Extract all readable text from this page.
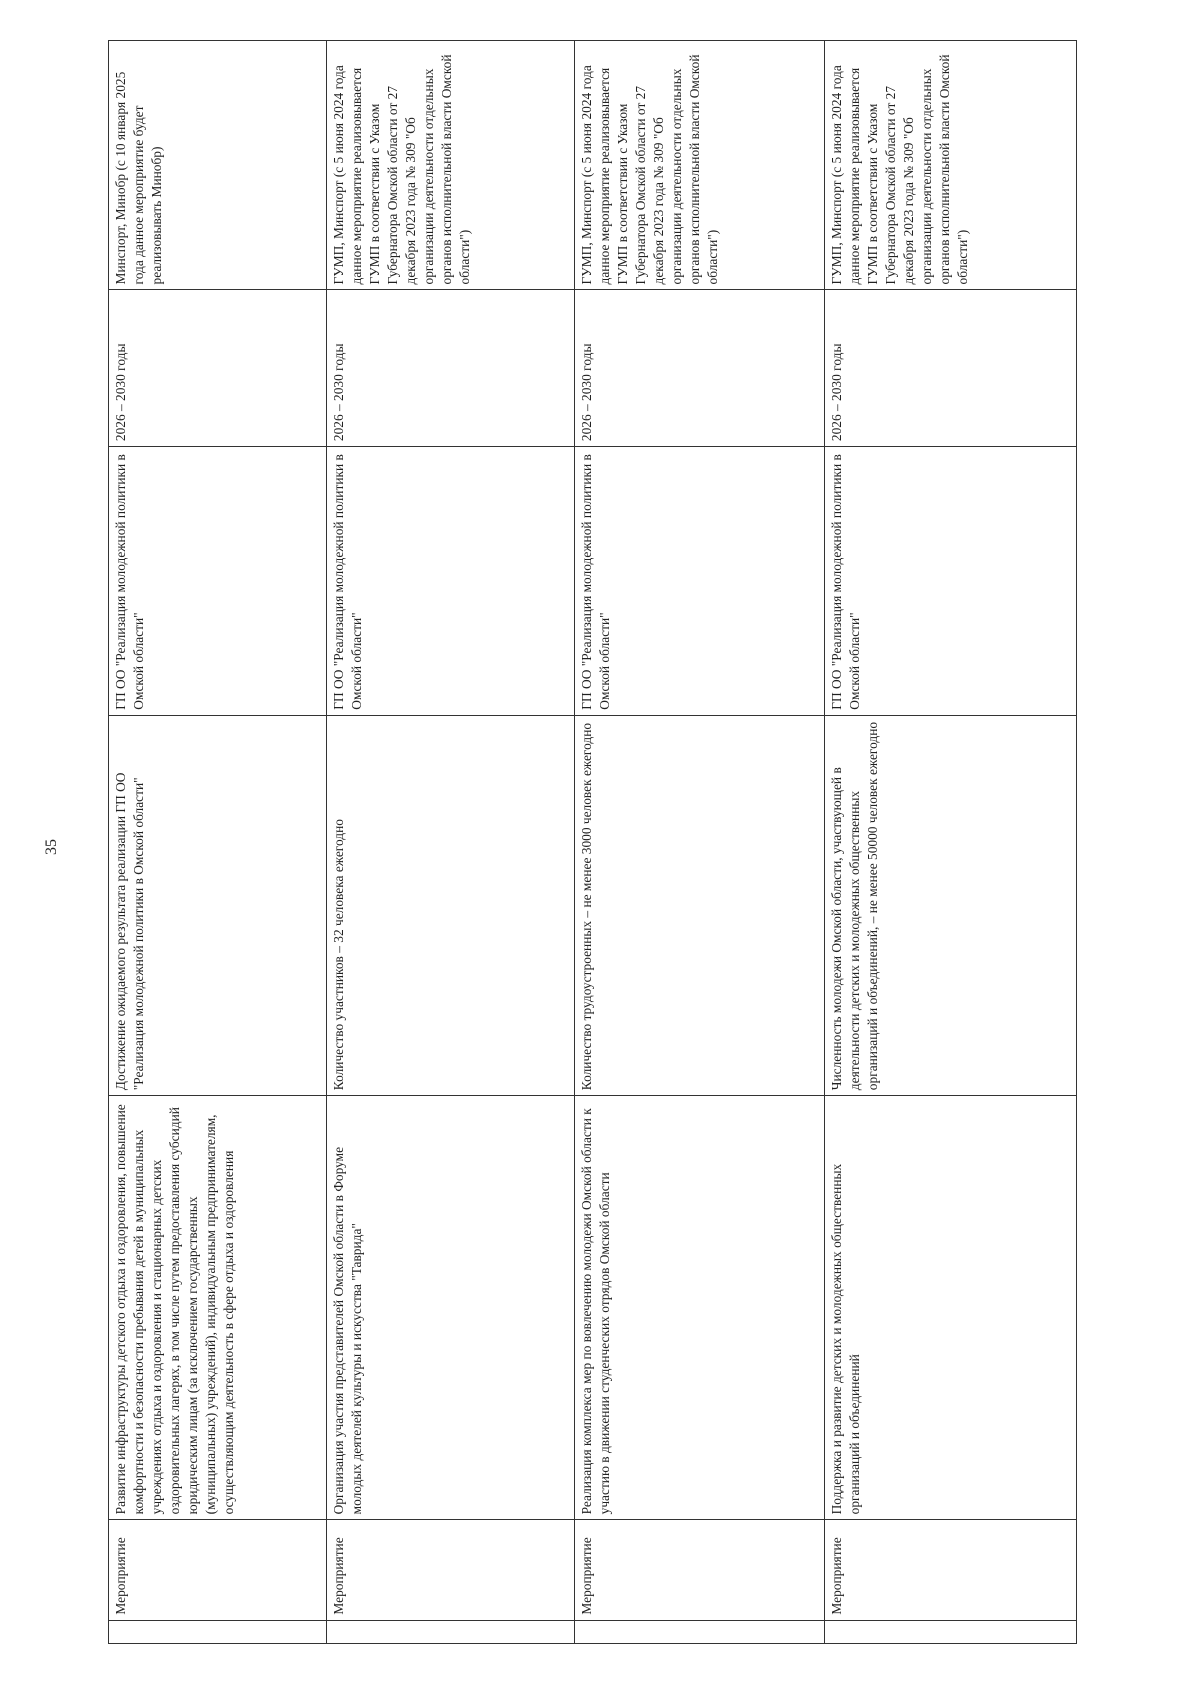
35
	Мероприятие	Развитие инфраструктуры детского отдыха и оздоровления, повышение комфортности и безопасности пребывания детей в муниципальных учреждениях отдыха и оздоровления и стационарных детских оздоровительных лагерях, в том числе путем предоставления субсидий юридическим лицам (за исключением государственных (муниципальных) учреждений), индивидуальным предпринимателям, осуществляющим деятельность в сфере отдыха и оздоровления	Достижение ожидаемого результата реализации ГП ОО "Реализация молодежной политики в Омской области"	ГП ОО "Реализация молодежной политики в Омской области"	2026 – 2030 годы	Минспорт, Минобр (с 10 января 2025 года данное мероприятие будет реализовывать Минобр)
	Мероприятие	Организация участия представителей Омской области в Форуме молодых деятелей культуры и искусства "Таврида"	Количество участников – 32 человека ежегодно	ГП ОО "Реализация молодежной политики в Омской области"	2026 – 2030 годы	ГУМП, Минспорт (с 5 июня 2024 года данное мероприятие реализовывается ГУМП в соответствии с Указом Губернатора Омской области от 27 декабря 2023 года № 309 "Об организации деятельности отдельных органов исполнительной власти Омской области")
	Мероприятие	Реализация комплекса мер по вовлечению молодежи Омской области к участию в движении студенческих отрядов Омской области	Количество трудоустроенных – не менее 3000 человек ежегодно	ГП ОО "Реализация молодежной политики в Омской области"	2026 – 2030 годы	ГУМП, Минспорт (с 5 июня 2024 года данное мероприятие реализовывается ГУМП в соответствии с Указом Губернатора Омской области от 27 декабря 2023 года № 309 "Об организации деятельности отдельных органов исполнительной власти Омской области")
	Мероприятие	Поддержка и развитие детских и молодежных общественных организаций и объединений	Численность молодежи Омской области, участвующей в деятельности детских и молодежных общественных организаций и объединений, – не менее 50000 человек ежегодно	ГП ОО "Реализация молодежной политики в Омской области"	2026 – 2030 годы	ГУМП, Минспорт (с 5 июня 2024 года данное мероприятие реализовывается ГУМП в соответствии с Указом Губернатора Омской области от 27 декабря 2023 года № 309 "Об организации деятельности отдельных органов исполнительной власти Омской области")
